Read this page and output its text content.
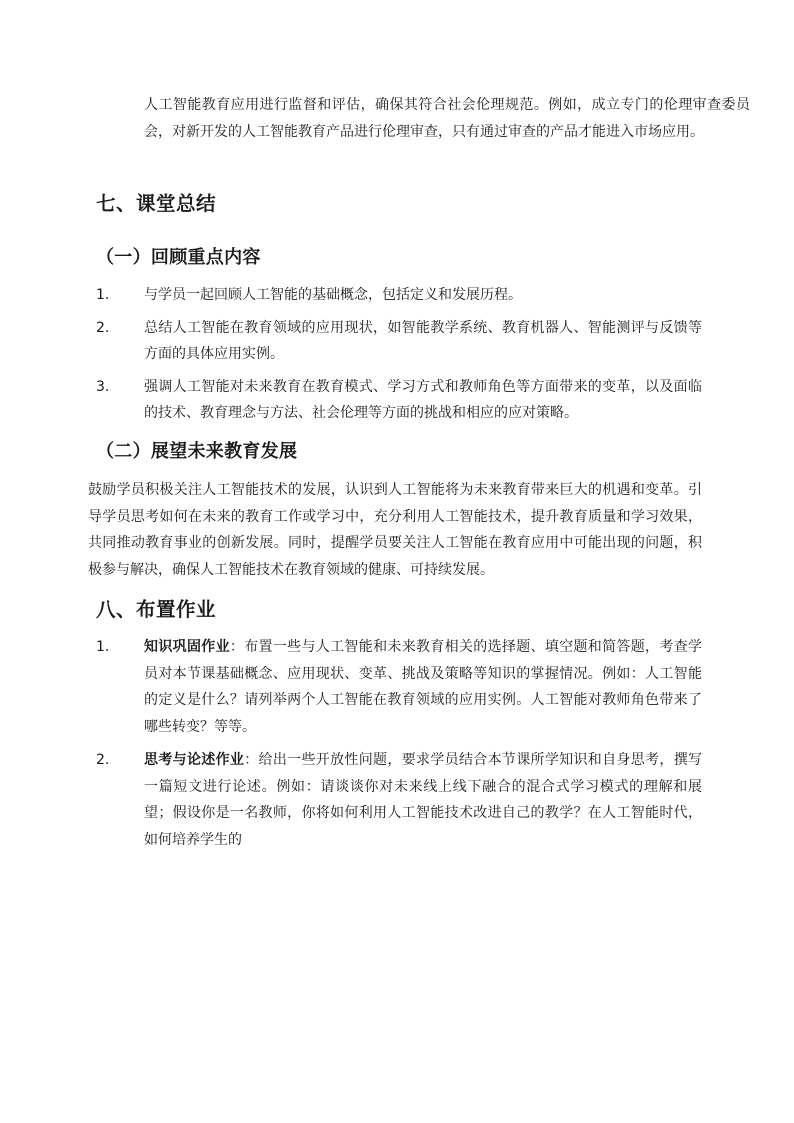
人工智能教育应用进行监督和评估，确保其符合社会伦理规范。例如，成立专门的伦理审查委员会，对新开发的人工智能教育产品进行伦理审查，只有通过审查的产品才能进入市场应用。

七、课堂总结
（一）回顾重点内容
1.	与学员一起回顾人工智能的基础概念，包括定义和发展历程。
2.	总结人工智能在教育领域的应用现状，如智能教学系统、教育机器人、智能测评与反馈等方面的具体应用实例。
3.	强调人工智能对未来教育在教育模式、学习方式和教师角色等方面带来的变革，以及面临的技术、教育理念与方法、社会伦理等方面的挑战和相应的应对策略。
（二）展望未来教育发展

鼓励学员积极关注人工智能技术的发展，认识到人工智能将为未来教育带来巨大的机遇和变革。引导学员思考如何在未来的教育工作或学习中，充分利用人工智能技术，提升教育质量和学习效果，共同推动教育事业的创新发展。同时，提醒学员要关注人工智能在教育应用中可能出现的问题，积极参与解决，确保人工智能技术在教育领域的健康、可持续发展。

八、布置作业
1.	知识巩固作业：布置一些与人工智能和未来教育相关的选择题、填空题和简答题，考查学员对本节课基础概念、应用现状、变革、挑战及策略等知识的掌握情况。例如：人工智能的定义是什么？请列举两个人工智能在教育领域的应用实例。人工智能对教师角色带来了哪些转变？等等。
2.	思考与论述作业：给出一些开放性问题，要求学员结合本节课所学知识和自身思考，撰写一篇短文进行论述。例如：请谈谈你对未来线上线下融合的混合式学习模式的理解和展望；假设你是一名教师，你将如何利用人工智能技术改进自己的教学？在人工智能时代，如何培养学生的
